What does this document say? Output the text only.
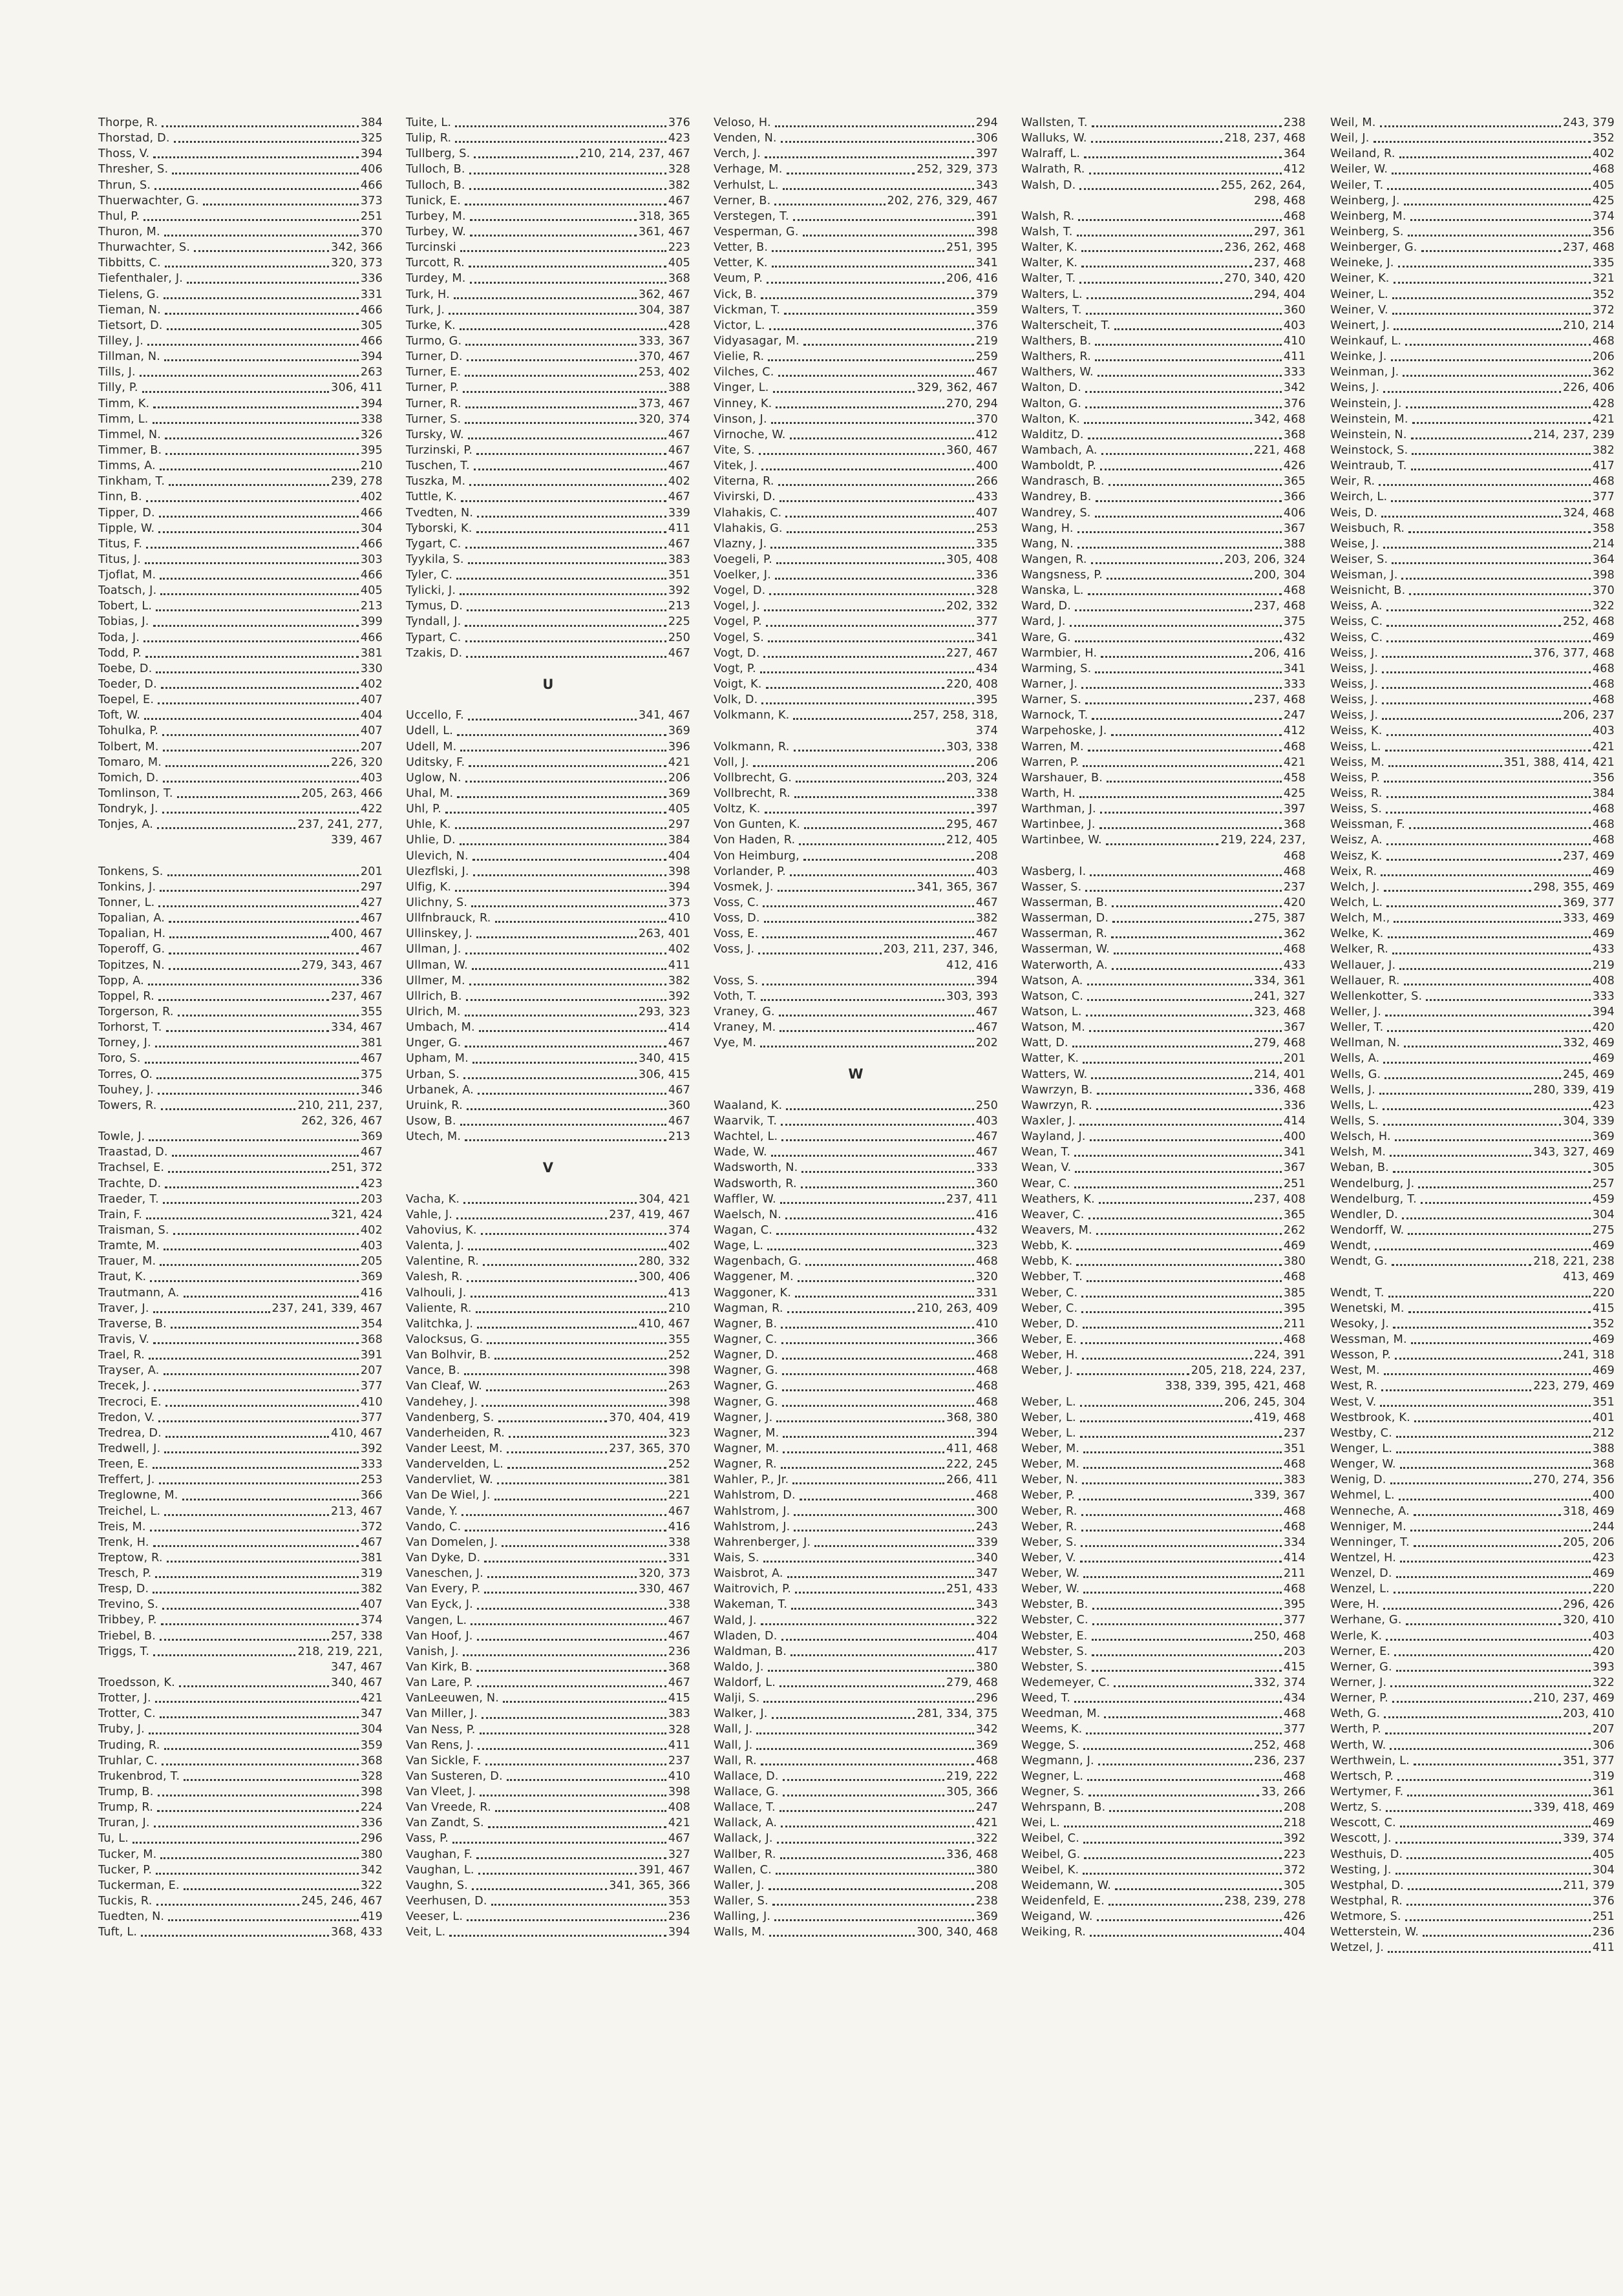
Thorpe, R.	384
Thorstad, D.	325
Thoss, V.	394
Thresher, S.	406
Thrun, S.	466
Thuerwachter, G.	373
Thul, P.	251
Thuron, M.	370
Thurwachter, S.	342, 366
Tibbitts, C.	320, 373
Tiefenthaler, J.	336
Tielens, G.	331
Tieman, N.	466
Tietsort, D.	305
Tilley, J.	466
Tillman, N.	394
Tills, J.	263
Tilly, P.	306, 411
Timm, K.	394
Timm, L.	338
Timmel, N.	326
Timmer, B.	395
Timms, A.	210
Tinkham, T.	239, 278
Tinn, B.	402
Tipper, D.	466
Tipple, W.	304
Titus, F.	466
Titus, J.	303
Tjoflat, M.	466
Toatsch, J.	405
Tobert, L.	213
Tobias, J.	399
Toda, J.	466
Todd, P.	381
Toebe, D.	330
Toeder, D.	402
Toepel, E.	407
Toft, W.	404
Tohulka, P.	407
Tolbert, M.	207
Tomaro, M.	226, 320
Tomich, D.	403
Tomlinson, T.	205, 263, 466
Tondryk, J.	422
Tonjes, A.	237, 241, 277,
339, 467
Tonkens, S.	201
Tonkins, J.	297
Tonner, L.	427
Topalian, A.	467
Topalian, H.	400, 467
Toperoff, G.	467
Topitzes, N.	279, 343, 467
Topp, A.	336
Toppel, R.	237, 467
Torgerson, R.	355
Torhorst, T.	334, 467
Torney, J.	381
Toro, S.	467
Torres, O.	375
Touhey, J.	346
Towers, R.	210, 211, 237,
262, 326, 467
Towle, J.	369
Traastad, D.	467
Trachsel, E.	251, 372
Trachte, D.	423
Traeder, T.	203
Train, F.	321, 424
Traisman, S.	402
Tramte, M.	403
Trauer, M.	205
Traut, K.	369
Trautmann, A.	416
Traver, J.	237, 241, 339, 467
Traverse, B.	354
Travis, V.	368
Trael, R.	391
Trayser, A.	207
Trecek, J.	377
Trecroci, E.	410
Tredon, V.	377
Tredrea, D.	410, 467
Tredwell, J.	392
Treen, E.	333
Treffert, J.	253
Treglowne, M.	366
Treichel, L.	213, 467
Treis, M.	372
Trenk, H.	467
Treptow, R.	381
Tresch, P.	319
Tresp, D.	382
Trevino, S.	407
Tribbey, P.	374
Triebel, B.	257, 338
Triggs, T.	218, 219, 221,
347, 467
Troedsson, K.	340, 467
Trotter, J.	421
Trotter, C.	347
Truby, J.	304
Truding, R.	359
Truhlar, C.	368
Trukenbrod, T.	328
Trump, B.	398
Trump, R.	224
Truran, J.	336
Tu, L.	296
Tucker, M.	380
Tucker, P.	342
Tuckerman, E.	322
Tuckis, R.	245, 246, 467
Tuedten, N.	419
Tuft, L.	368, 433
Tuite, L.	376
Tulip, R.	423
Tullberg, S.	210, 214, 237, 467
Tulloch, B.	328
Tulloch, B.	382
Tunick, E.	467
Turbey, M.	318, 365
Turbey, W.	361, 467
Turcinski	223
Turcott, R.	405
Turdey, M.	368
Turk, H.	362, 467
Turk, J.	304, 387
Turke, K.	428
Turmo, G.	333, 367
Turner, D.	370, 467
Turner, E.	253, 402
Turner, P.	388
Turner, R.	373, 467
Turner, S.	320, 374
Tursky, W.	467
Turzinski, P.	467
Tuschen, T.	467
Tuszka, M.	402
Tuttle, K.	467
Tvedten, N.	339
Tyborski, K.	411
Tygart, C.	467
Tyykila, S.	383
Tyler, C.	351
Tylicki, J.	392
Tymus, D.	213
Tyndall, J.	225
Typart, C.	250
Tzakis, D.	467
U
Uccello, F.	341, 467
Udell, L.	369
Udell, M.	396
Uditsky, F.	421
Uglow, N.	206
Uhal, M.	369
Uhl, P.	405
Uhle, K.	297
Uhlie, D.	384
Ulevich, N.	404
Ulezflski, J.	398
Ulfig, K.	394
Ulichny, S.	373
Ullfnbrauck, R.	410
Ullinskey, J.	263, 401
Ullman, J.	402
Ullman, W.	411
Ullmer, M.	382
Ullrich, B.	392
Ulrich, M.	293, 323
Umbach, M.	414
Unger, G.	467
Upham, M.	340, 415
Urban, S.	306, 415
Urbanek, A.	467
Uruink, R.	360
Usow, B.	467
Utech, M.	213
V
Vacha, K.	304, 421
Vahle, J.	237, 419, 467
Vahovius, K.	374
Valenta, J.	402
Valentine, R.	280, 332
Valesh, R.	300, 406
Valhouli, J.	413
Valiente, R.	210
Valitchka, J.	410, 467
Valocksus, G.	355
Van Bolhvir, B.	252
Vance, B.	398
Van Cleaf, W.	263
Vandehey, J.	398
Vandenberg, S.	370, 404, 419
Vanderheiden, R.	323
Vander Leest, M.	237, 365, 370
Vandervelden, L.	252
Vandervliet, W.	381
Van De Wiel, J.	221
Vande, Y.	467
Vando, C.	416
Van Domelen, J.	338
Van Dyke, D.	331
Vaneschen, J.	320, 373
Van Every, P.	330, 467
Van Eyck, J.	338
Vangen, L.	467
Van Hoof, J.	467
Vanish, J.	236
Van Kirk, B.	368
Van Lare, P.	467
VanLeeuwen, N.	415
Van Miller, J.	383
Van Ness, P.	328
Van Rens, J.	411
Van Sickle, F.	237
Van Susteren, D.	410
Van Vleet, J.	398
Van Vreede, R.	408
Van Zandt, S.	421
Vass, P.	467
Vaughan, F.	327
Vaughan, L.	391, 467
Vaughn, S.	341, 365, 366
Veerhusen, D.	353
Veeser, L.	236
Veit, L.	394
Veloso, H.	294
Venden, N.	306
Verch, J.	397
Verhage, M.	252, 329, 373
Verhulst, L.	343
Verner, B.	202, 276, 329, 467
Verstegen, T.	391
Vesperman, G.	398
Vetter, B.	251, 395
Vetter, K.	341
Veum, P.	206, 416
Vick, B.	379
Vickman, T.	359
Victor, L.	376
Vidyasagar, M.	219
Vielie, R.	259
Vilches, C.	467
Vinger, L.	329, 362, 467
Vinney, K.	270, 294
Vinson, J.	370
Virnoche, W.	412
Vite, S.	360, 467
Vitek, J.	400
Viterna, R.	266
Vivirski, D.	433
Vlahakis, C.	407
Vlahakis, G.	253
Vlazny, J.	335
Voegeli, P.	305, 408
Voelker, J.	336
Vogel, D.	328
Vogel, J.	202, 332
Vogel, P.	377
Vogel, S.	341
Vogt, D.	227, 467
Vogt, P.	434
Voigt, K.	220, 408
Volk, D.	395
Volkmann, K.	257, 258, 318,
374
Volkmann, R.	303, 338
Voll, J.	206
Vollbrecht, G.	203, 324
Vollbrecht, R.	338
Voltz, K.	397
Von Gunten, K.	295, 467
Von Haden, R.	212, 405
Von Heimburg,	208
Vorlander, P.	403
Vosmek, J.	341, 365, 367
Voss, C.	467
Voss, D.	382
Voss, E.	467
Voss, J.	203, 211, 237, 346,
412, 416
Voss, S.	394
Voth, T.	303, 393
Vraney, G.	467
Vraney, M.	467
Vye, M.	202
W
Waaland, K.	250
Waarvik, T.	403
Wachtel, L.	467
Wade, W.	467
Wadsworth, N.	333
Wadsworth, R.	360
Waffler, W.	237, 411
Waelsch, N.	416
Wagan, C.	432
Wage, L.	323
Wagenbach, G.	468
Waggener, M.	320
Waggoner, K.	331
Wagman, R.	210, 263, 409
Wagner, B.	410
Wagner, C.	366
Wagner, D.	468
Wagner, G.	468
Wagner, G.	468
Wagner, G.	468
Wagner, J.	368, 380
Wagner, M.	394
Wagner, M.	411, 468
Wagner, R.	222, 245
Wahler, P., Jr.	266, 411
Wahlstrom, D.	468
Wahlstrom, J.	300
Wahlstrom, J.	243
Wahrenberger, J.	339
Wais, S.	340
Waisbrot, A.	347
Waitrovich, P.	251, 433
Wakeman, T.	343
Wald, J.	322
Wladen, D.	404
Waldman, B.	417
Waldo, J.	380
Waldorf, L.	279, 468
Walji, S.	296
Walker, J.	281, 334, 375
Wall, J.	342
Wall, J.	369
Wall, R.	468
Wallace, D.	219, 222
Wallace, G.	305, 366
Wallace, T.	247
Wallack, A.	421
Wallack, J.	322
Wallber, R.	336, 468
Wallen, C.	380
Waller, J.	208
Waller, S.	238
Walling, J.	369
Walls, M.	300, 340, 468
Wallsten, T.	238
Walluks, W.	218, 237, 468
Walraff, L.	364
Walrath, R.	412
Walsh, D.	255, 262, 264,
298, 468
Walsh, R.	468
Walsh, T.	297, 361
Walter, K.	236, 262, 468
Walter, K.	237, 468
Walter, T.	270, 340, 420
Walters, L.	294, 404
Walters, T.	360
Walterscheit, T.	403
Walthers, B.	410
Walthers, R.	411
Walthers, W.	333
Walton, D.	342
Walton, G.	376
Walton, K.	342, 468
Walditz, D.	368
Wambach, A.	221, 468
Wamboldt, P.	426
Wandrasch, B.	365
Wandrey, B.	366
Wandrey, S.	406
Wang, H.	367
Wang, N.	388
Wangen, R.	203, 206, 324
Wangsness, P.	200, 304
Wanska, L.	468
Ward, D.	237, 468
Ward, J.	375
Ware, G.	432
Warmbier, H.	206, 416
Warming, S.	341
Warner, J.	333
Warner, S.	237, 468
Warnock, T.	247
Warpehoske, J.	412
Warren, M.	468
Warren, P.	421
Warshauer, B.	458
Warth, H.	425
Warthman, J.	397
Wartinbee, J.	368
Wartinbee, W.	219, 224, 237,
468
Wasberg, I.	468
Wasser, S.	237
Wasserman, B.	420
Wasserman, D.	275, 387
Wasserman, R.	362
Wasserman, W.	468
Waterworth, A.	433
Watson, A.	334, 361
Watson, C.	241, 327
Watson, L.	323, 468
Watson, M.	367
Watt, D.	279, 468
Watter, K.	201
Watters, W.	214, 401
Wawrzyn, B.	336, 468
Wawrzyn, R.	336
Waxler, J.	414
Wayland, J.	400
Wean, T.	341
Wean, V.	367
Wear, C.	251
Weathers, K.	237, 408
Weaver, C.	365
Weavers, M.	262
Webb, K.	469
Webb, K.	380
Webber, T.	468
Weber, C.	385
Weber, C.	395
Weber, D.	211
Weber, E.	468
Weber, H.	224, 391
Weber, J.	205, 218, 224, 237,
338, 339, 395, 421, 468
Weber, L.	206, 245, 304
Weber, L.	419, 468
Weber, L.	237
Weber, M.	351
Weber, M.	468
Weber, N.	383
Weber, P.	339, 367
Weber, R.	468
Weber, R.	468
Weber, S.	334
Weber, V.	414
Weber, W.	211
Weber, W.	468
Webster, B.	395
Webster, C.	377
Webster, E.	250, 468
Webster, S.	203
Webster, S.	415
Wedemeyer, C.	332, 374
Weed, T.	434
Weedman, M.	468
Weems, K.	377
Wegge, S.	252, 468
Wegmann, J.	236, 237
Wegner, L.	468
Wegner, S.	33, 266
Wehrspann, B.	208
Wei, L.	218
Weibel, C.	392
Weibel, G.	223
Weibel, K.	372
Weidemann, W.	305
Weidenfeld, E.	238, 239, 278
Weigand, W.	426
Weiking, R.	404
Weil, M.	243, 379
Weil, J.	352
Weiland, R.	402
Weiler, W.	468
Weiler, T.	405
Weinberg, J.	425
Weinberg, M.	374
Weinberg, S.	356
Weinberger, G.	237, 468
Weineke, J.	335
Weiner, K.	321
Weiner, L.	352
Weiner, V.	372
Weinert, J.	210, 214
Weinkauf, L.	468
Weinke, J.	206
Weinman, J.	362
Weins, J.	226, 406
Weinstein, J.	428
Weinstein, M.	421
Weinstein, N.	214, 237, 239
Weinstock, S.	382
Weintraub, T.	417
Weir, R.	468
Weirch, L.	377
Weis, D.	324, 468
Weisbuch, R.	358
Weise, J.	214
Weiser, S.	364
Weisman, J.	398
Weisnicht, B.	370
Weiss, A.	322
Weiss, C.	252, 468
Weiss, C.	469
Weiss, J.	376, 377, 468
Weiss, J.	468
Weiss, J.	468
Weiss, J.	468
Weiss, J.	206, 237
Weiss, K.	403
Weiss, L.	421
Weiss, M.	351, 388, 414, 421
Weiss, P.	356
Weiss, R.	384
Weiss, S.	468
Weissman, F.	468
Weisz, A.	468
Weisz, K.	237, 469
Weix, R.	469
Welch, J.	298, 355, 469
Welch, L.	369, 377
Welch, M.,	333, 469
Welke, K.	469
Welker, R.	433
Wellauer, J.	219
Wellauer, R.	408
Wellenkotter, S.	333
Weller, J.	394
Weller, T.	420
Wellman, N.	332, 469
Wells, A.	469
Wells, G.	245, 469
Wells, J.	280, 339, 419
Wells, L.	423
Wells, S.	304, 339
Welsch, H.	369
Welsh, M.	343, 327, 469
Weban, B.	305
Wendelburg, J.	257
Wendelburg, T.	459
Wendler, D.	304
Wendorff, W.	275
Wendt,	469
Wendt, G.	218, 221, 238
413, 469
Wendt, T.	220
Wenetski, M.	415
Wesoky, J.	352
Wessman, M.	469
Wesson, P.	241, 318
West, M.	469
West, R.	223, 279, 469
West, V.	351
Westbrook, K.	401
Westby, C.	212
Wenger, L.	388
Wenger, W.	368
Wenig, D.	270, 274, 356
Wehmel, L.	400
Wenneche, A.	318, 469
Wenniger, M.	244
Wenninger, T.	205, 206
Wentzel, H.	423
Wenzel, D.	469
Wenzel, L.	220
Were, H.	296, 426
Werhane, G.	320, 410
Werle, K.	403
Werner, E.	420
Werner, G.	393
Werner, J.	322
Werner, P.	210, 237, 469
Weth, G.	203, 410
Werth, P.	207
Werth, W.	306
Werthwein, L.	351, 377
Wertsch, P.	319
Wertymer, F.	361
Wertz, S.	339, 418, 469
Wescott, C.	469
Wescott, J.	339, 374
Westhuis, D.	405
Westing, J.	304
Westphal, D.	211, 379
Westphal, R.	376
Wetmore, S.	251
Wetterstein, W.	236
Wetzel, J.	411
